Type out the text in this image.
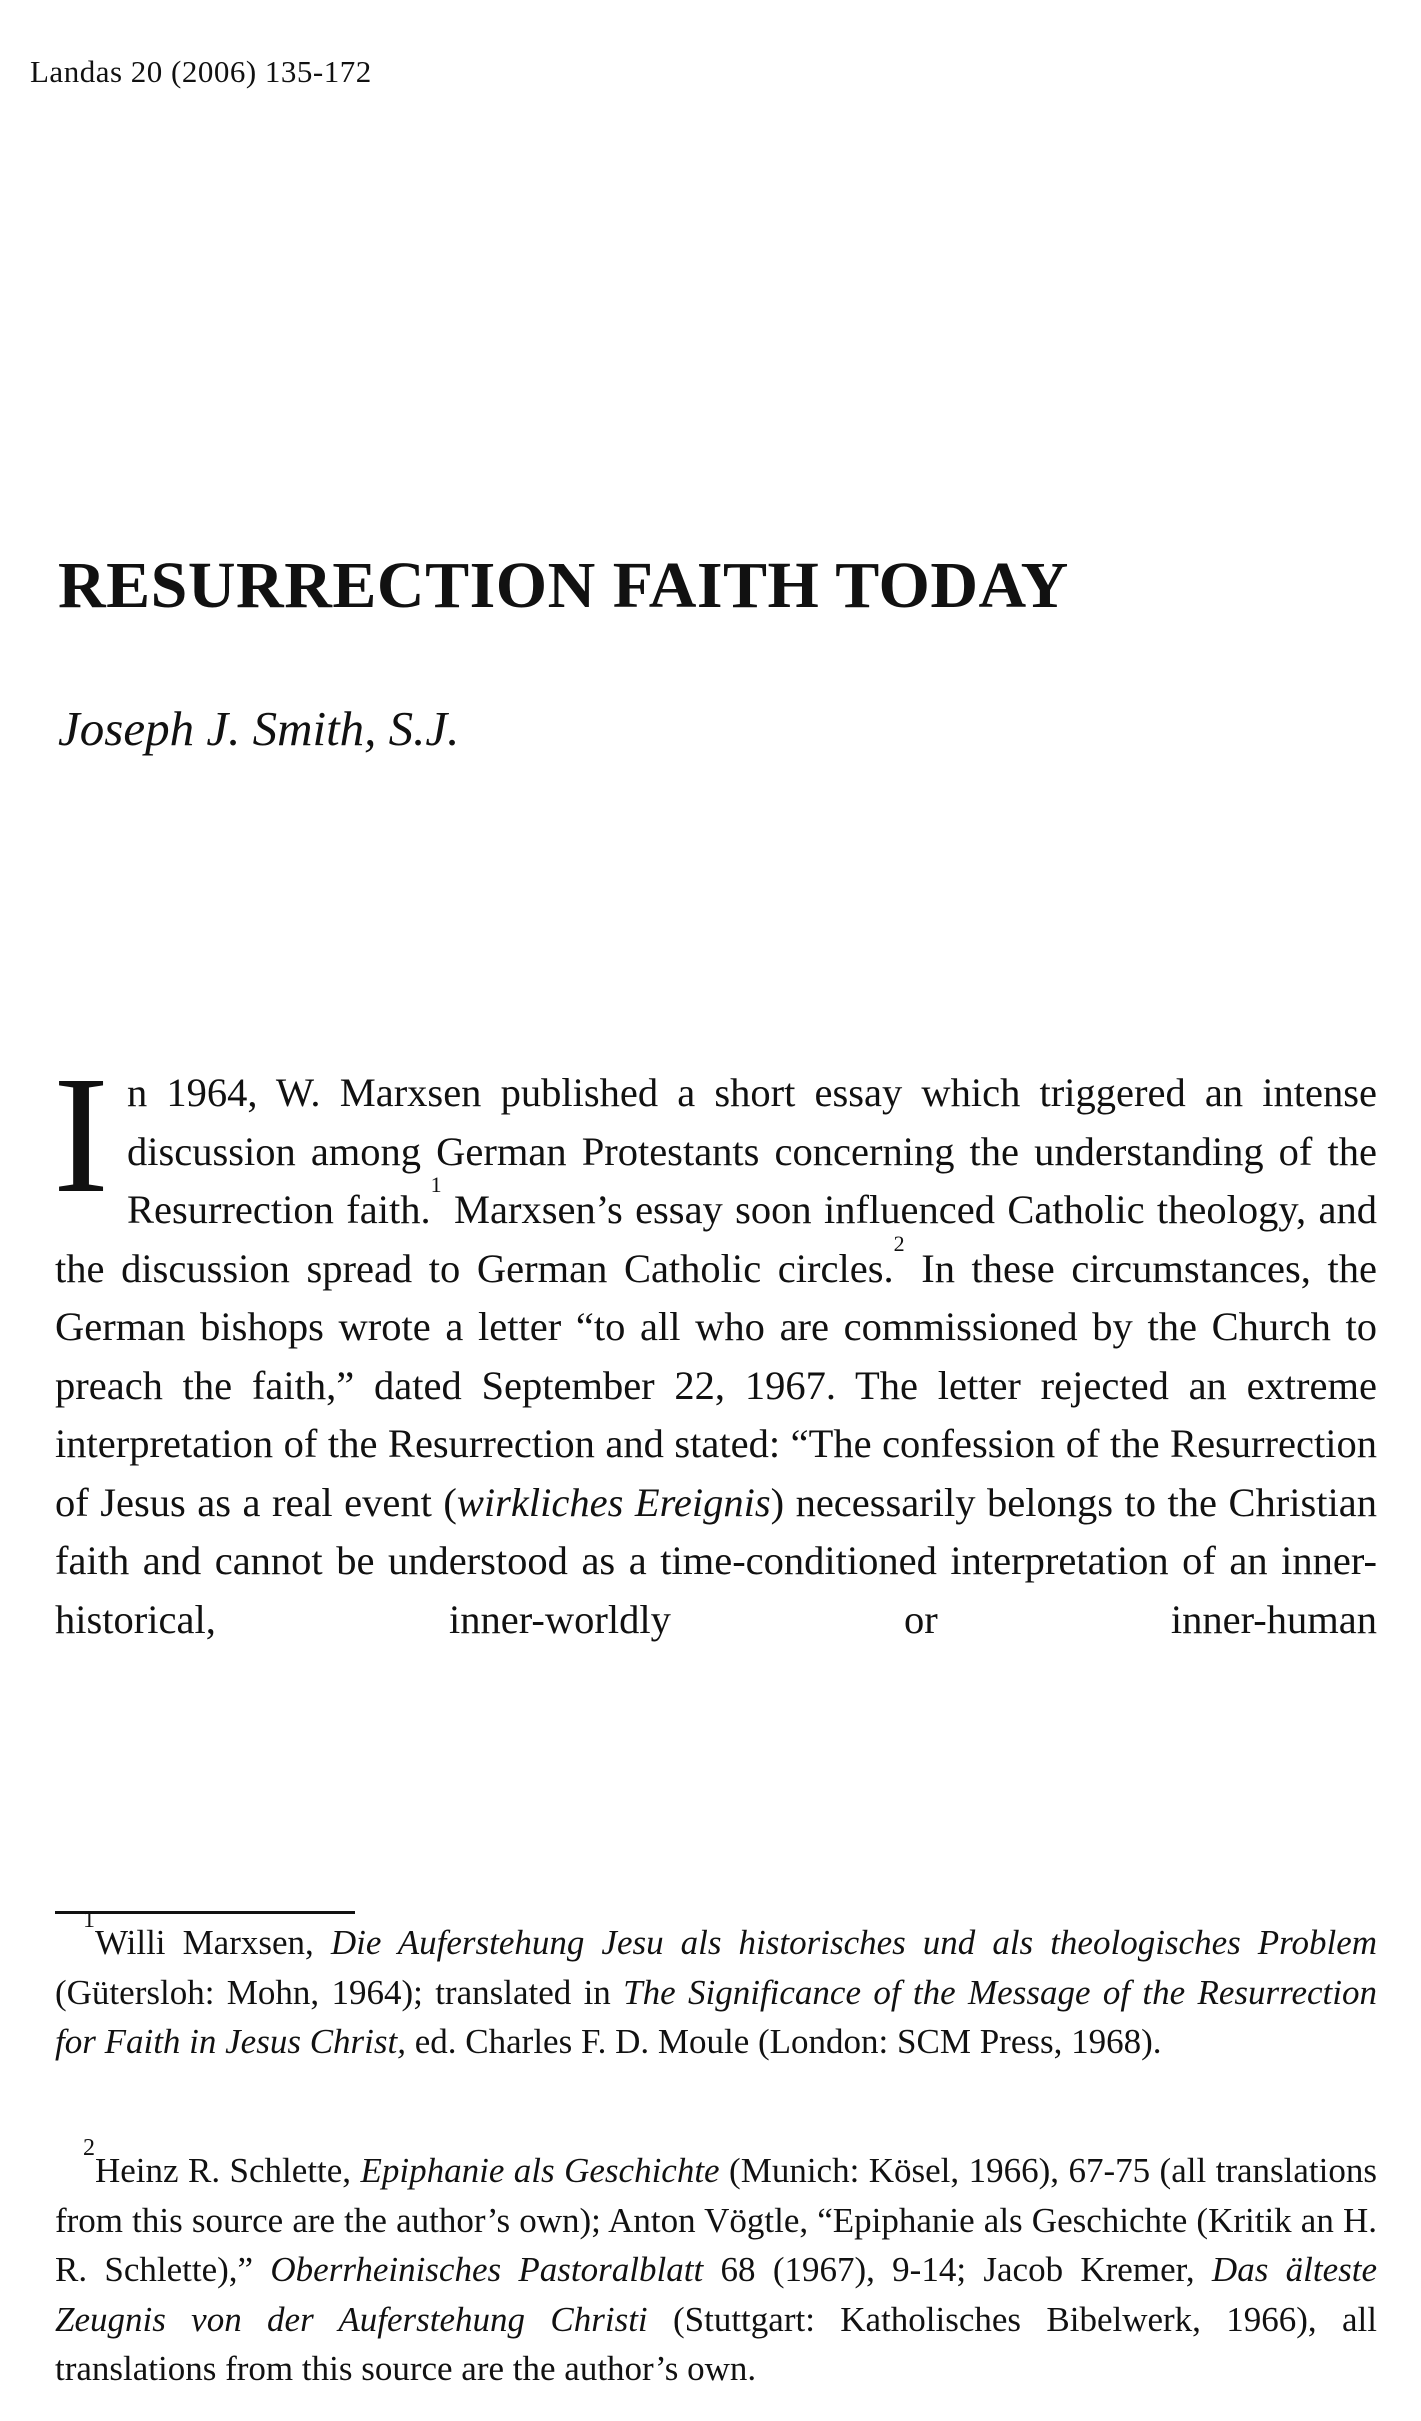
Landas 20 (2006) 135-172
RESURRECTION FAITH TODAY
Joseph J. Smith, S.J.

In 1964, W. Marxsen published a short essay which triggered an intense discussion among German Protestants concerning the understanding of the Resurrection faith.$^1$ Marxsen’s essay soon influenced Catholic theology, and the discussion spread to German Catholic circles.$^2$ In these circumstances, the German bishops wrote a letter “to all who are commissioned by the Church to preach the faith,” dated September 22, 1967. The letter rejected an extreme interpretation of the Resurrection and stated: “The confession of the Resurrection of Jesus as a real event (wirkliches Ereignis) necessarily belongs to the Christian faith and cannot be understood as a time-conditioned interpretation of an inner-historical, inner-worldly or inner-human

$^1$Willi Marxsen, Die Auferstehung Jesu als historisches und als theologisches Problem (Gütersloh: Mohn, 1964); translated in The Significance of the Message of the Resurrection for Faith in Jesus Christ, ed. Charles F. D. Moule (London: SCM Press, 1968).

$^2$Heinz R. Schlette, Epiphanie als Geschichte (Munich: Kösel, 1966), 67-75 (all translations from this source are the author’s own); Anton Vögtle, “Epiphanie als Geschichte (Kritik an H. R. Schlette),” Oberrheinisches Pastoralblatt 68 (1967), 9-14; Jacob Kremer, Das älteste Zeugnis von der Auferstehung Christi (Stuttgart: Katholisches Bibelwerk, 1966), all translations from this source are the author’s own.
